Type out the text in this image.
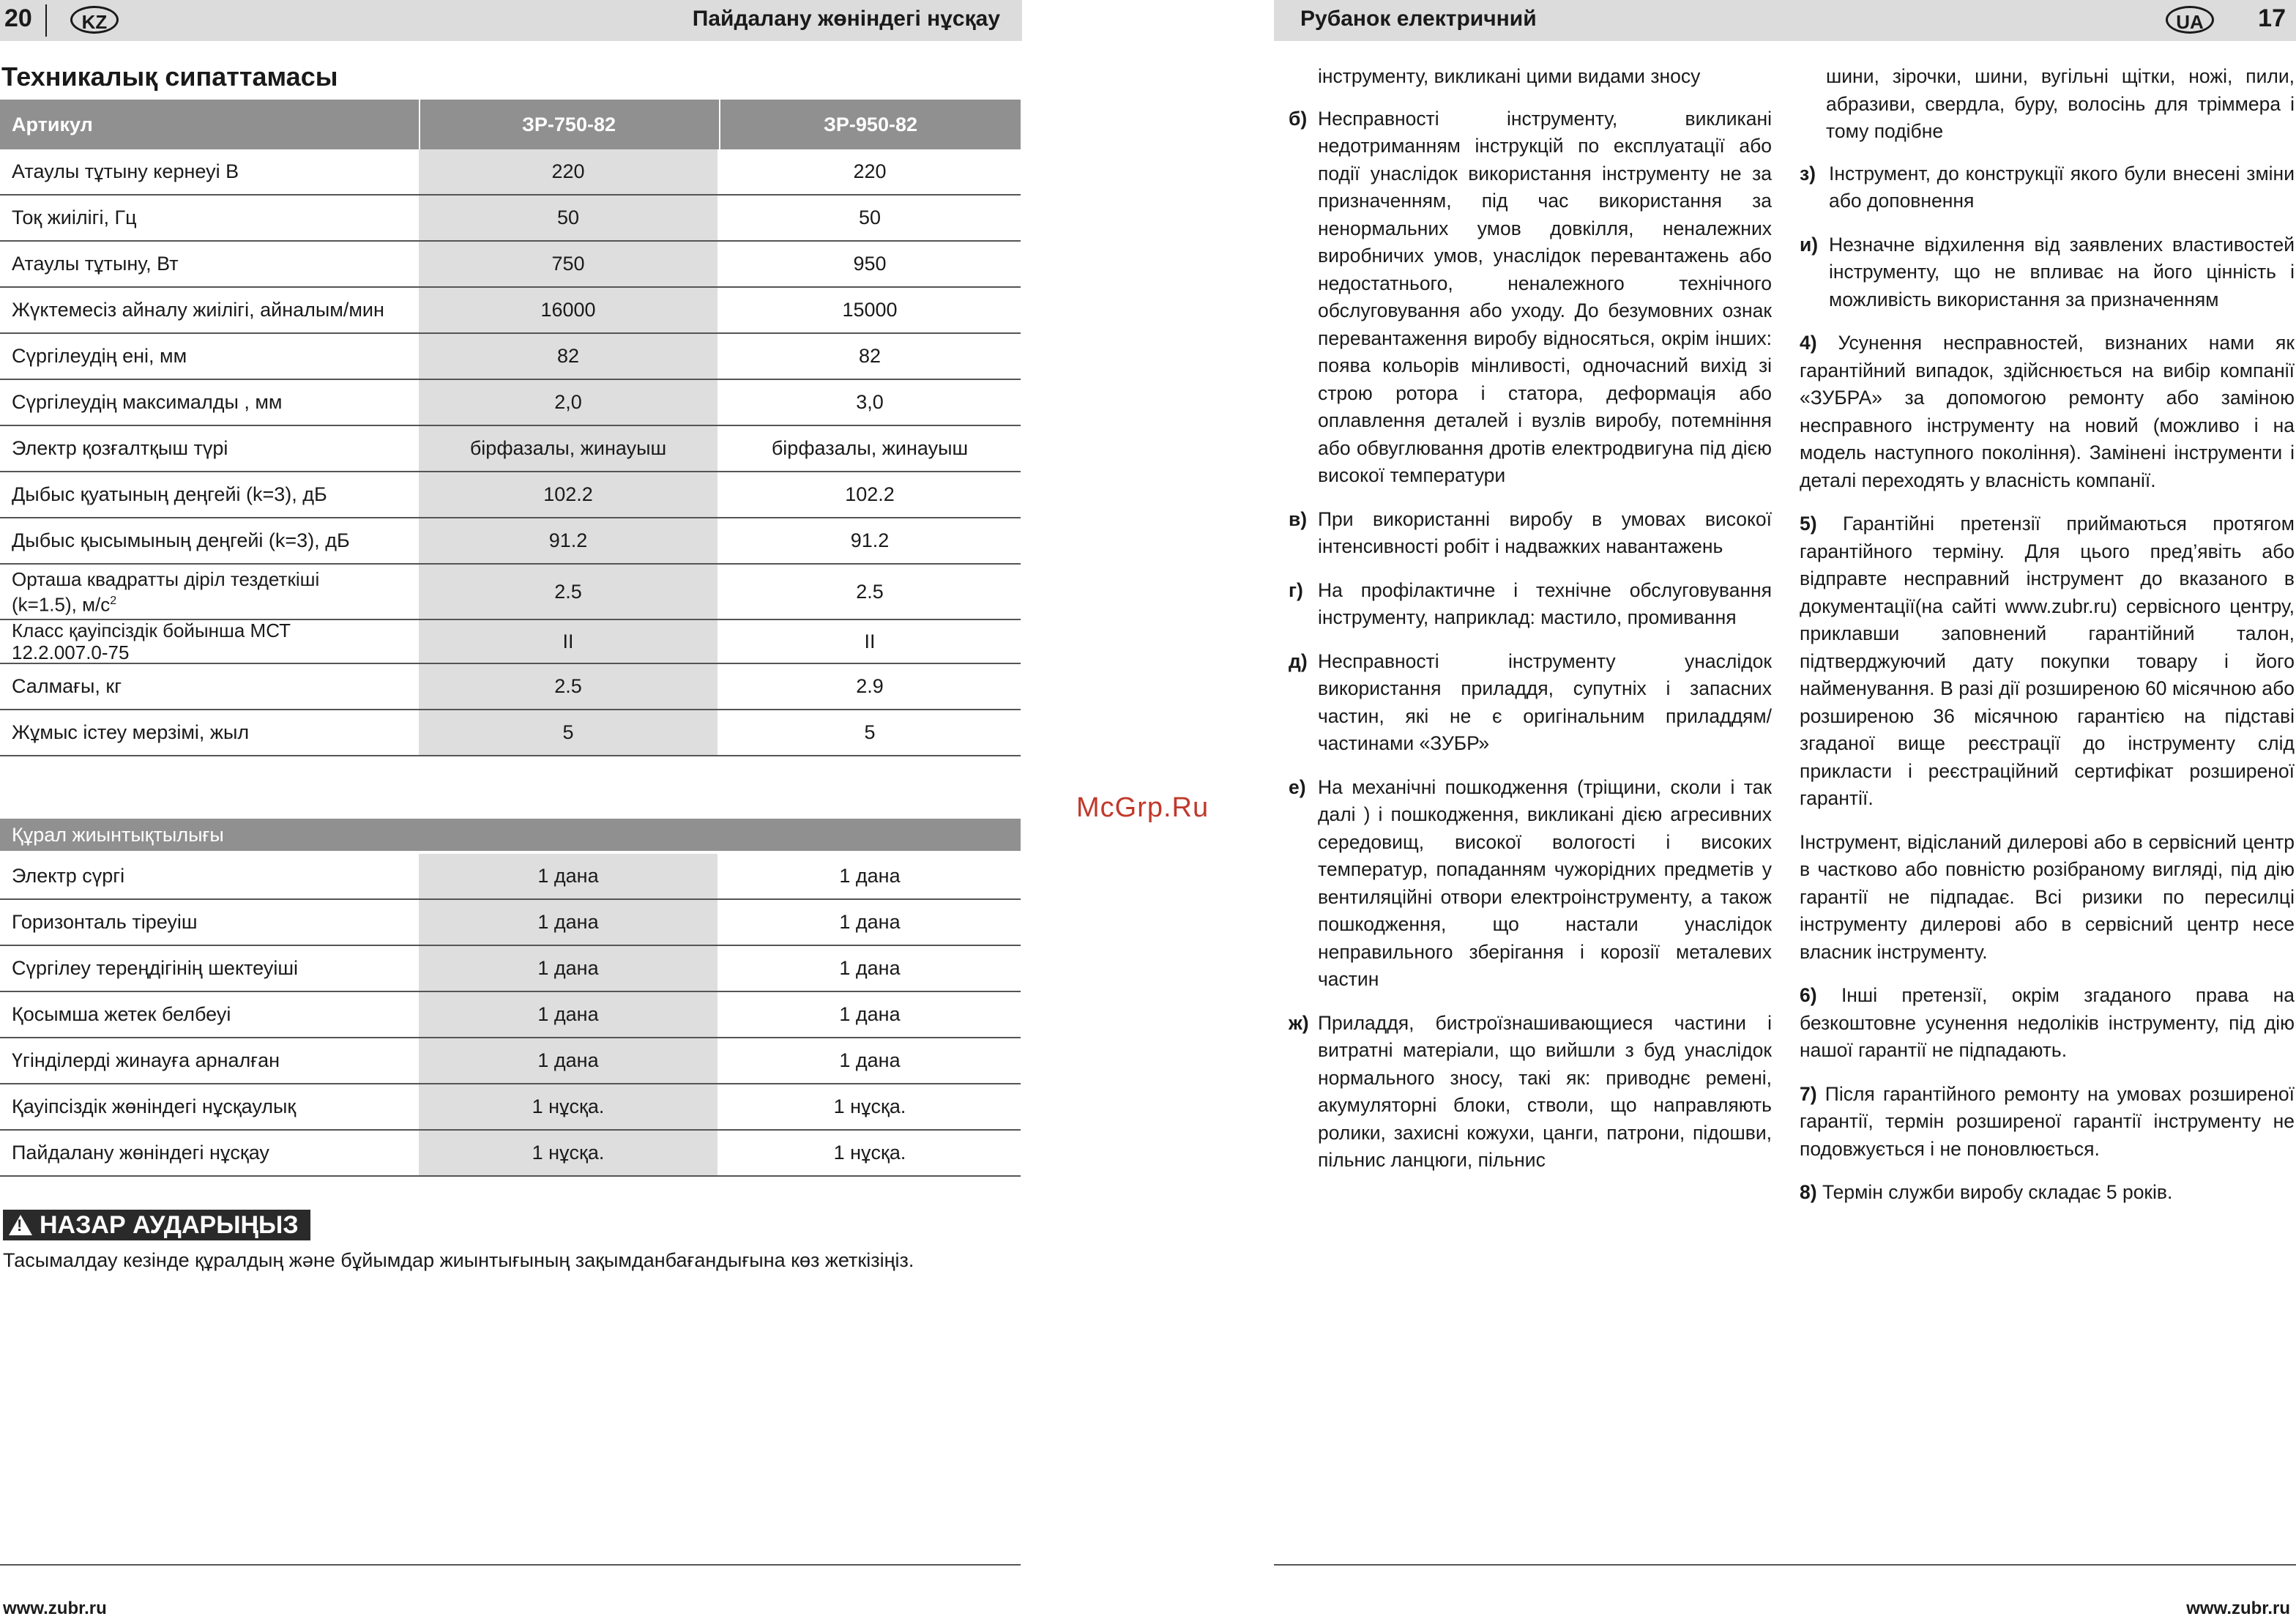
20	KZ	Пайдалану жөніндегі нұсқау
Техникалық сипаттамасы
Артикул	ЗР-750-82	ЗР-950-82
Атаулы тұтыну кернеуі В	220	220
Тоқ жиілігі, Гц	50	50
Атаулы тұтыну, Вт	750	950
Жүктемесіз айналу жиілігі, айналым/мин	16000	15000
Сүргілеудің ені, мм	82	82
Сүргілеудің максималды , мм	2,0	3,0
Электр қозғалтқыш түрі	бірфазалы, жинауыш	бірфазалы, жинауыш
Дыбыс қуатының деңгейі (k=3), дБ	102.2	102.2
Дыбыс қысымының деңгейі (k=3), дБ	91.2	91.2
Орташа квадратты діріл тездеткіші
(k=1.5), $м/с^2$	2.5	2.5
Класс қауіпсіздік бойынша МСТ
12.2.007.0-75
II	II
Салмағы, кг	2.5	2.9
Жұмыс істеу мерзімі, жыл	5	5
Құрал жиынтықтылығы
Электр сүргі	1 дана	1 дана
Горизонталь тіреуіш	1 дана	1 дана
Сүргілеу тереңдігінің шектеуіші	1 дана	1 дана
Қосымша жетек белбеуі	1 дана	1 дана
Үгінділерді жинауға арналған	1 дана	1 дана
Қауіпсіздік жөніндегі нұсқаулық	1 нұсқа.	1 нұсқа.
Пайдалану жөніндегі нұсқау	1 нұсқа.	1 нұсқа.
!
НАЗАР АУДАРЫҢЫЗ
Тасымалдау кезінде құралдың және бұйымдар жиынтығының зақымданбағандығына көз жеткізіңіз.
www.zubr.ru
McGrp.Ru
Рубанок електричний	UA	17
інструменту, викликані цими видами зносу
б) Несправності інструменту, викликані недотриманням інструкцій по експлуатації або події унаслідок використання інструменту не за призначенням, під час використання за ненормальних умов довкілля, неналежних виробничих умов, унаслідок перевантажень або недостатнього, неналежного технічного обслуговування або уходу. До безумовних ознак перевантаження виробу відносяться, окрім інших: поява кольорів мінливості, одночасний вихід зі строю ротора і статора, деформація або оплавлення деталей і вузлів виробу, потемніння або обвуглювання дротів електродвигуна під дією високої температури
в) При використанні виробу в умовах високої інтенсивності робіт і надважких навантажень
г) На профілактичне і технічне обслуговування інструменту, наприклад: мастило, промивання
д) Несправності інструменту унаслідок використання приладдя, супутніх і запасних частин, які не є оригінальним приладдям/частинами «ЗУБР»
е) На механічні пошкодження (тріщини, сколи і так далі ) і пошкодження, викликані дією агресивних середовищ, високої вологості і високих температур, попаданням чужорідних предметів у вентиляційні отвори електроінструменту, а також пошкодження, що настали унаслідок неправильного зберігання і корозії металевих частин
ж) Приладдя, бистроїзнашивающиеся частини і витратні матеріали, що вийшли з буд унаслідок нормального зносу, такі як: приводнє ремені, акумуляторні блоки, стволи, що направляють ролики, захисні кожухи, цанги, патрони, підошви, пільнис ланцюги, пільнис
шини, зірочки, шини, вугільні щітки, ножі, пили, абразиви, свердла, буру, волосінь для тріммера і тому подібне
з) Інструмент, до конструкції якого були внесені зміни або доповнення
и) Незначне відхилення від заявлених властивостей інструменту, що не впливає на його цінність і можливість використання за призначенням

4) Усунення несправностей, визнаних нами як гарантійний випадок, здійснюється на вибір компанії «ЗУБРА» за допомогою ремонту або заміною несправного інструменту на новий (можливо і на модель наступного покоління). Замінені інструменти і деталі переходять у власність компанії.

5) Гарантійні претензії приймаються протягом гарантійного терміну. Для цього пред’явіть або відправте несправний інструмент до вказаного в документації(на сайті www.zubr.ru) сервісного центру, приклавши заповнений гарантійний талон, підтверджуючий дату покупки товару і його найменування. В разі дії розширеною 60 місячною або розширеною 36 місячною гарантією на підставі згаданої вище реєстрації до інструменту слід прикласти і реєстраційний сертифікат розширеної гарантії.

Інструмент, відісланий дилерові або в сервісний центр в частково або повністю розібраному вигляді, під дію гарантії не підпадає. Всі ризики по пересилці інструменту дилерові або в сервісний центр несе власник інструменту.

6) Інші претензії, окрім згаданого права на безкоштовне усунення недоліків інструменту, під дію нашої гарантії не підпадають.

7) Після гарантійного ремонту на умовах розширеної гарантії, термін розширеної гарантії інструменту не подовжується і не поновлюється.

8) Термін служби виробу складає 5 років.

www.zubr.ru
